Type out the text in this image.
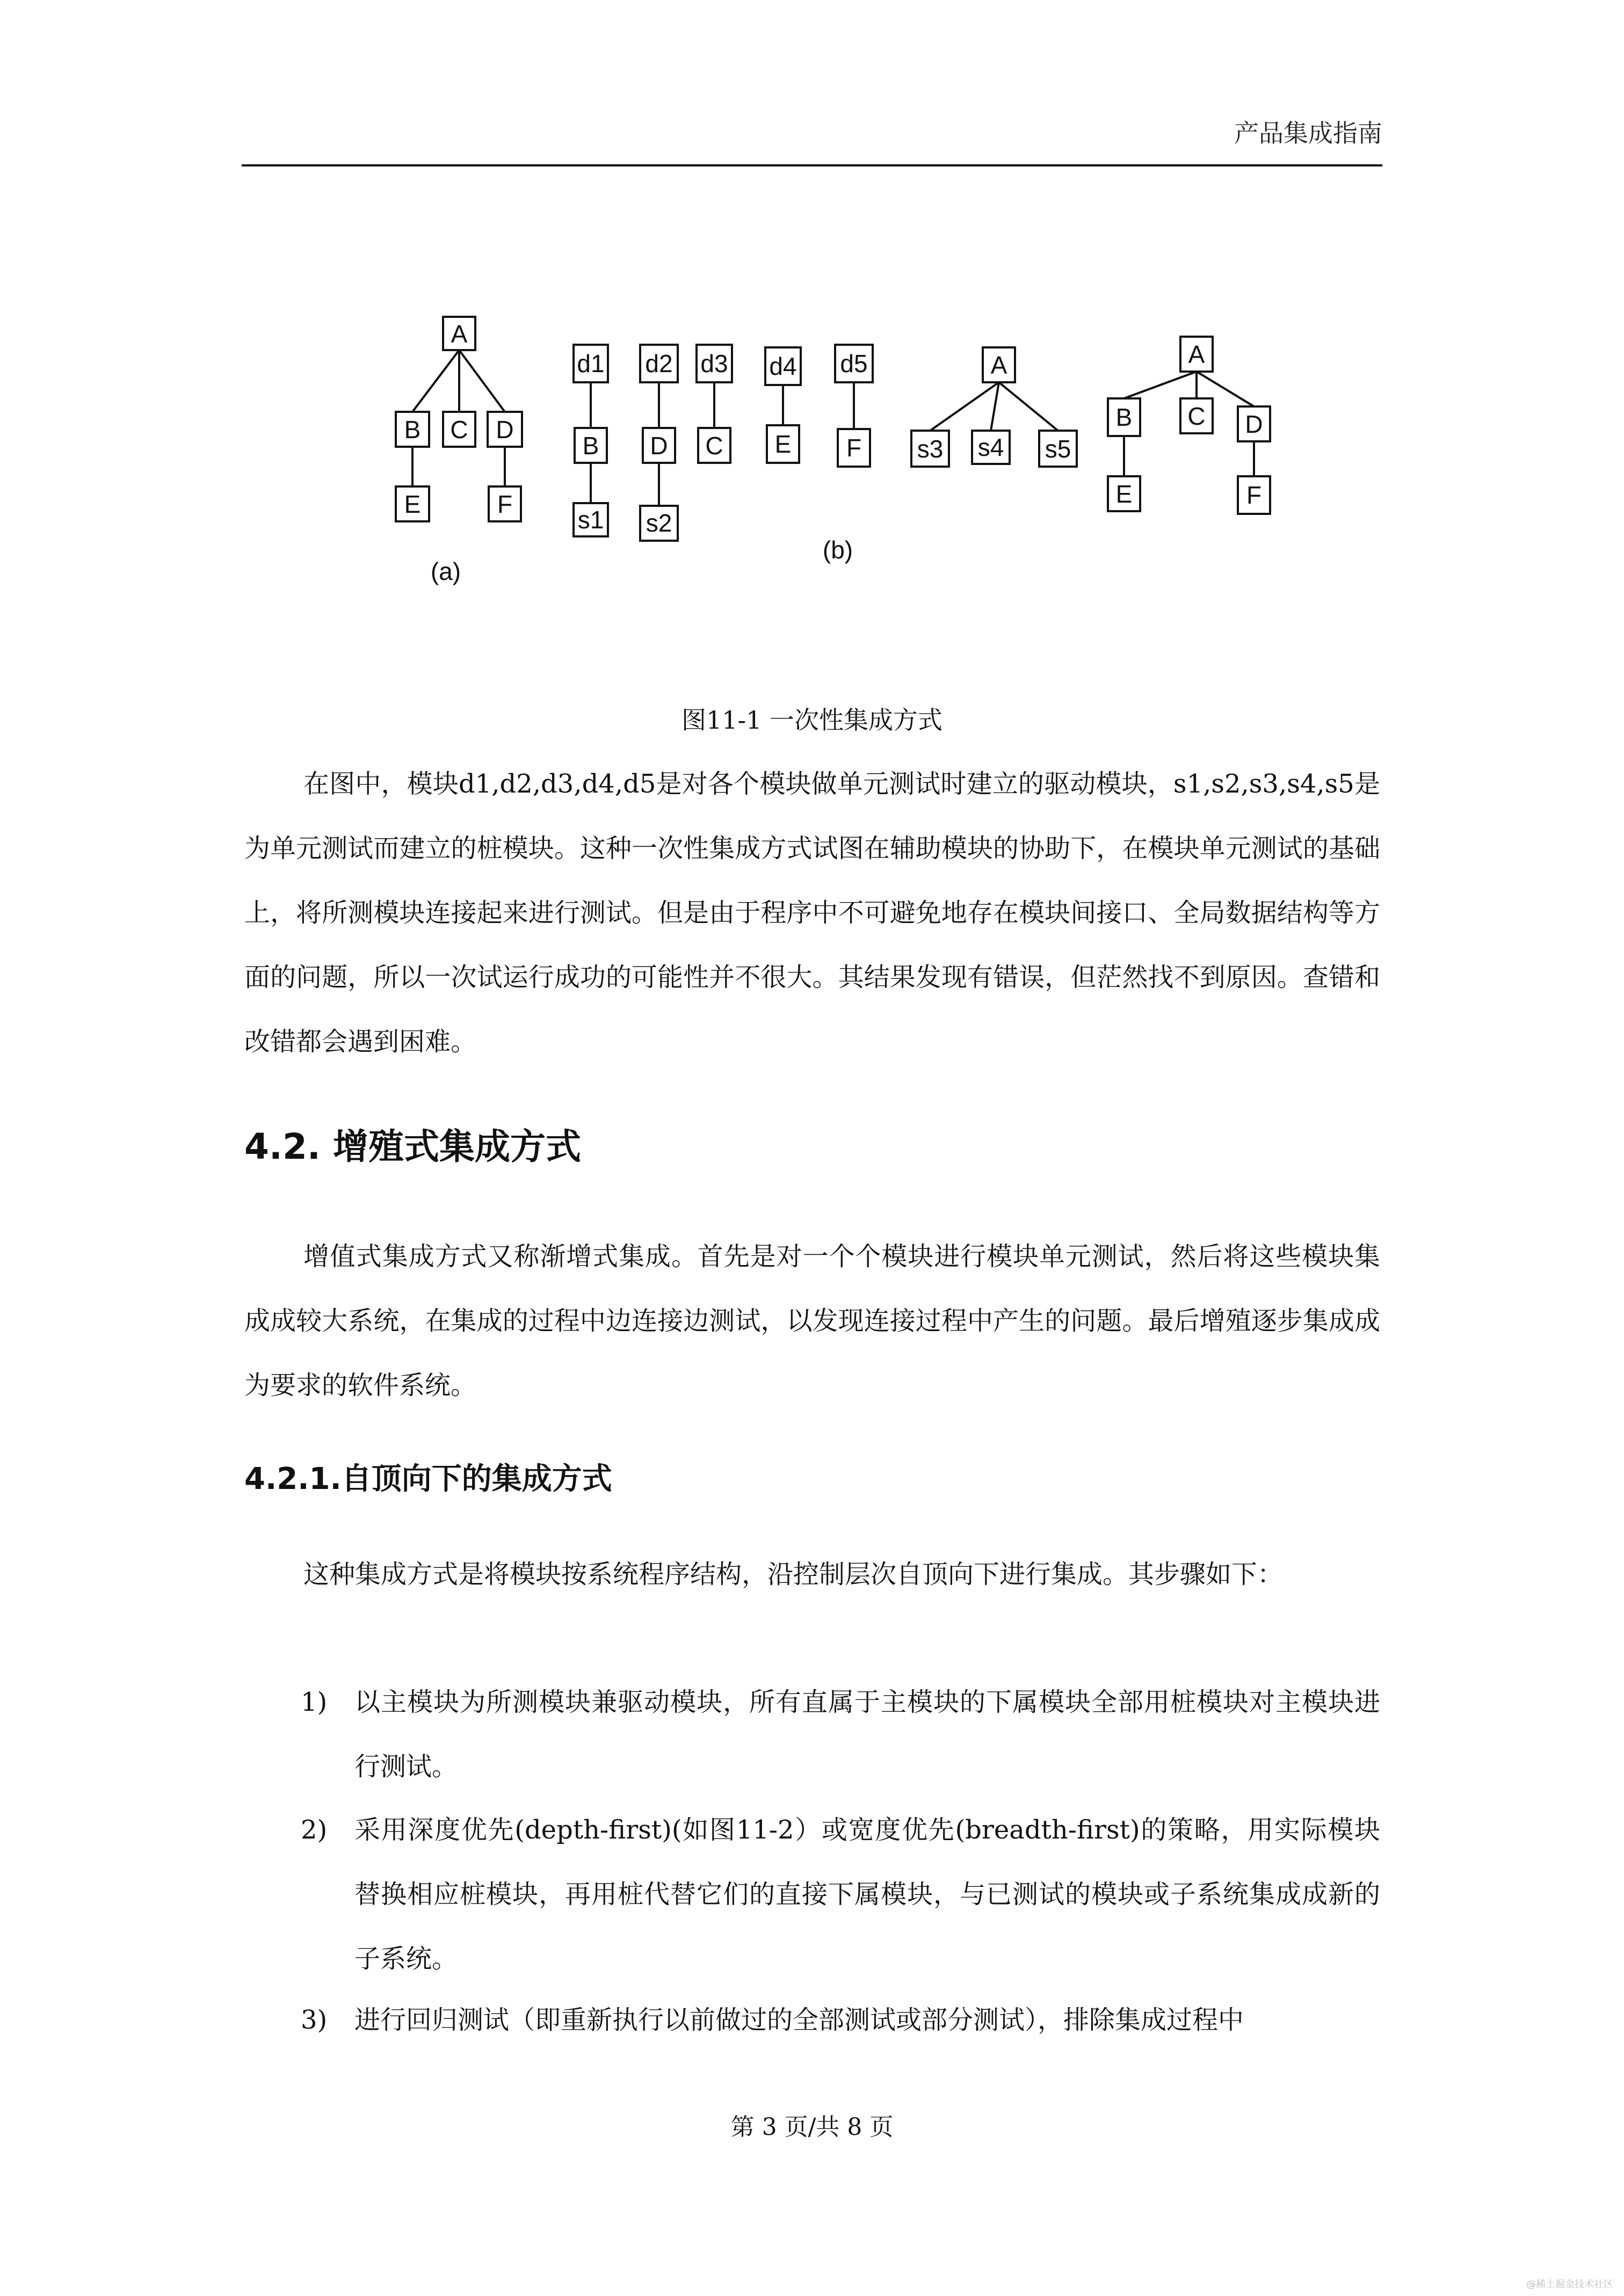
产品集成指南
A
B C D
E	F
d1
B
s1
d2
D
s2
d3
C
d4
E
d5
F
A
s3 s4 s5
A
B C D
E	F
(a)
(b)
图11-1 一次性集成方式

在图中，模块d1,d2,d3,d4,d5是对各个模块做单元测试时建立的驱动模块，s1,s2,s3,s4,s5是为单元测试而建立的桩模块。这种一次性集成方式试图在辅助模块的协助下，在模块单元测试的基础上，将所测模块连接起来进行测试。但是由于程序中不可避免地存在模块间接口、全局数据结构等方面的问题，所以一次试运行成功的可能性并不很大。其结果发现有错误，但茫然找不到原因。查错和改错都会遇到困难。

4.2. 增殖式集成方式

增值式集成方式又称渐增式集成。首先是对一个个模块进行模块单元测试，然后将这些模块集成成较大系统，在集成的过程中边连接边测试，以发现连接过程中产生的问题。最后增殖逐步集成成为要求的软件系统。

4.2.1.自顶向下的集成方式

这种集成方式是将模块按系统程序结构，沿控制层次自顶向下进行集成。其步骤如下：

1)	以主模块为所测模块兼驱动模块，所有直属于主模块的下属模块全部用桩模块对主模块进行测试。
2)	采用深度优先(depth-first)(如图11-2）或宽度优先(breadth-first)的策略，用实际模块替换相应桩模块，再用桩代替它们的直接下属模块，与已测试的模块或子系统集成成新的子系统。
3)	进行回归测试（即重新执行以前做过的全部测试或部分测试），排除集成过程中
第 3 页/共 8 页
@稀土掘金技术社区
